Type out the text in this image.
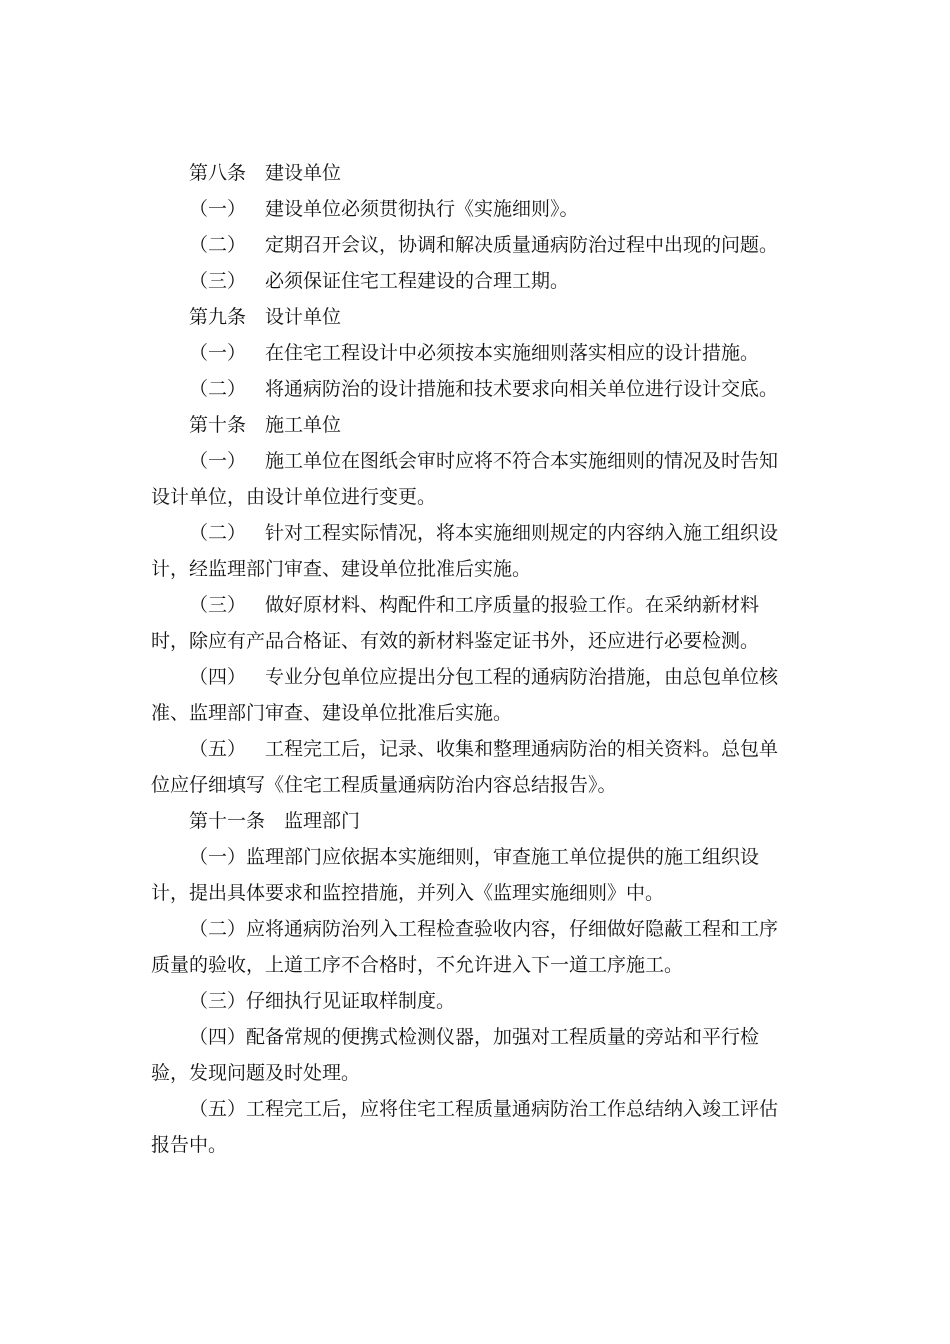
第八条 建设单位
（一） 建设单位必须贯彻执行《实施细则》。
（二） 定期召开会议，协调和解决质量通病防治过程中出现的问题。
（三） 必须保证住宅工程建设的合理工期。
第九条 设计单位
（一） 在住宅工程设计中必须按本实施细则落实相应的设计措施。
（二） 将通病防治的设计措施和技术要求向相关单位进行设计交底。
第十条 施工单位
（一） 施工单位在图纸会审时应将不符合本实施细则的情况及时告知
设计单位，由设计单位进行变更。
（二） 针对工程实际情况，将本实施细则规定的内容纳入施工组织设
计，经监理部门审查、建设单位批准后实施。
（三） 做好原材料、构配件和工序质量的报验工作。在采纳新材料
时，除应有产品合格证、有效的新材料鉴定证书外，还应进行必要检测。
（四） 专业分包单位应提出分包工程的通病防治措施，由总包单位核
准、监理部门审查、建设单位批准后实施。
（五） 工程完工后，记录、收集和整理通病防治的相关资料。总包单
位应仔细填写《住宅工程质量通病防治内容总结报告》。
第十一条 监理部门
（一）监理部门应依据本实施细则，审查施工单位提供的施工组织设
计，提出具体要求和监控措施，并列入《监理实施细则》中。
（二）应将通病防治列入工程检查验收内容，仔细做好隐蔽工程和工序
质量的验收，上道工序不合格时，不允许进入下一道工序施工。
（三）仔细执行见证取样制度。
（四）配备常规的便携式检测仪器，加强对工程质量的旁站和平行检
验，发现问题及时处理。
（五）工程完工后，应将住宅工程质量通病防治工作总结纳入竣工评估
报告中。
